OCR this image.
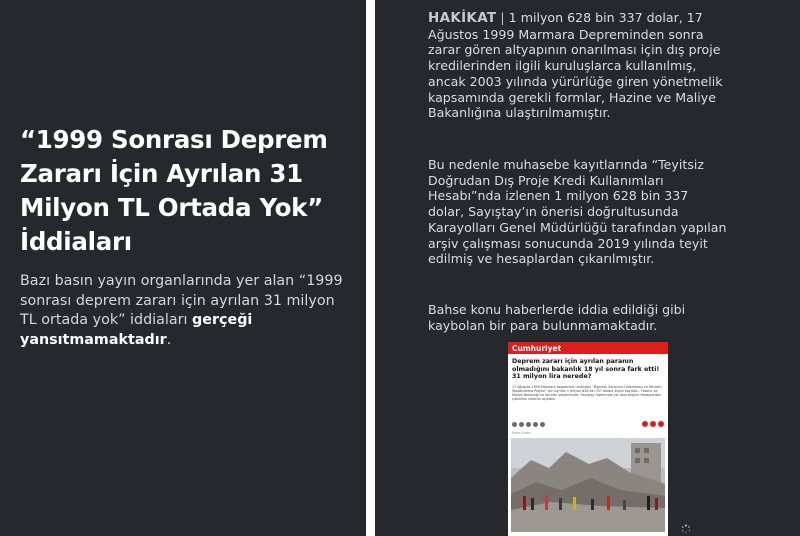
“1999 Sonrası Deprem Zararı İçin Ayrılan 31 Milyon TL Ortada Yok” İddiaları

Bazı basın yayın organlarında yer alan “1999 sonrası deprem zararı için ayrılan 31 milyon TL ortada yok” iddiaları gerçeği yansıtmamaktadır.

HAKİKAT | 1 milyon 628 bin 337 dolar, 17 Ağustos 1999 Marmara Depreminden sonra zarar gören altyapının onarılması için dış proje kredilerinden ilgili kuruluşlarca kullanılmış, ancak 2003 yılında yürürlüğe giren yönetmelik kapsamında gerekli formlar, Hazine ve Maliye Bakanlığına ulaştırılmamıştır.

Bu nedenle muhasebe kayıtlarında “Teyitsiz Doğrudan Dış Proje Kredi Kullanımları Hesabı”nda izlenen 1 milyon 628 bin 337 dolar, Sayıştay’ın önerisi doğrultusunda Karayolları Genel Müdürlüğü tarafından yapılan arşiv çalışması sonucunda 2019 yılında teyit edilmiş ve hesaplardan çıkarılmıştır.

Bahse konu haberlerde iddia edildiği gibi kaybolan bir para bulunmamaktadır.

Cumhuriyet
Deprem zararı için ayrılan paranın olmadığını bakanlık 18 yıl sonra fark etti! 31 milyon lira nerede?
17 Ağustos 1999 Marmara depreminin ardından “Deprem Zararının Giderilmesi ve Yeniden Yapılandırma Projesi” için ayrılan 1 milyon 628 bin 337 dolara ilişkin kayıtlar... Hazine ve Maliye Bakanlığı’na formlar ulaştırılmadı. Sayıştay raporunda yer alan bilgiler hesaplardan çıkarılma sürecini açıkladı.
Emre Erdim
